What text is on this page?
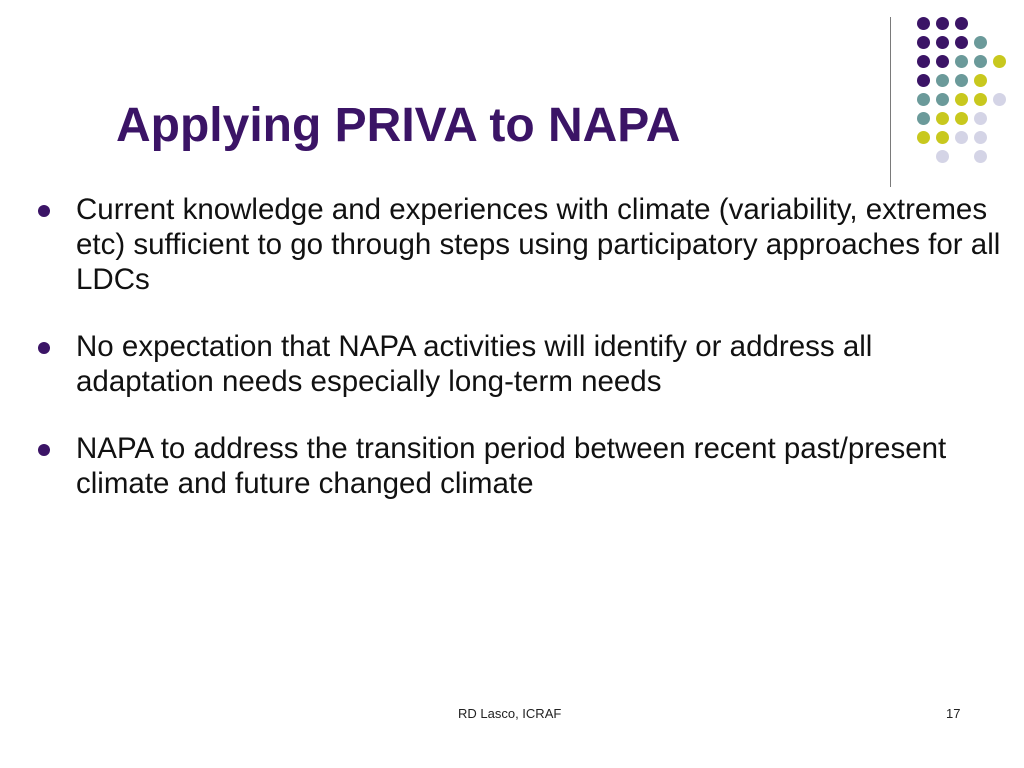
Applying PRIVA to NAPA
Current knowledge and experiences with climate (variability, extremes etc) sufficient to go through steps using participatory approaches for all LDCs
No expectation that NAPA activities will identify or address all adaptation needs especially long-term needs
NAPA to address the transition period between recent past/present climate and future changed climate
RD Lasco, ICRAF	17
